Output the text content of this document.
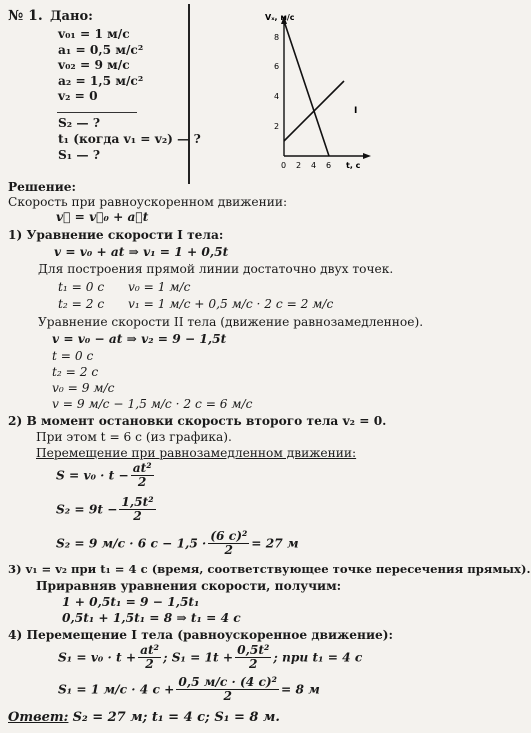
№ 1. Дано:
v₀₁ = 1 м/с
a₁ = 0,5 м/с²
v₀₂ = 9 м/с
a₂ = 1,5 м/с²
v₂ = 0
S₂ — ?
t₁ (когда v₁ = v₂) — ?
S₁ — ?
Vₓ, м/с
t, с
8
6
4
2
0 2 4 6
I
Решение:
Скорость при равноускоренном движении:
v⃗ = v⃗₀ + a⃗t
1) Уравнение скорости I тела:
v = v₀ + at ⇒ v₁ = 1 + 0,5t
Для построения прямой линии достаточно двух точек.
t₁ = 0 с v₀ = 1 м/с
t₂ = 2 с v₁ = 1 м/с + 0,5 м/с · 2 с = 2 м/с
Уравнение скорости II тела (движение равнозамедленное).
v = v₀ − at ⇒ v₂ = 9 − 1,5t
t = 0 с
t₂ = 2 с
v₀ = 9 м/с
v = 9 м/с − 1,5 м/с · 2 с = 6 м/с
2) В момент остановки скорость второго тела v₂ = 0.
При этом t = 6 с (из графика).
Перемещение при равнозамедленном движении:
$S = v_0 \cdot t - \frac{\text{at²}}{2}$
$S_2 = 9t - \frac{\text{1,5t²}}{2}$
S₂ = 9 м/с · 6 $с - 1,5 \cdot \frac{\text{(6 с)²}}{2} = 27$ м
3) v₁ = v₂ при t₁ = 4 с (время, соответствующее точке пересечения прямых).
Приравняв уравнения скорости, получим:
1 + 0,5t₁ = 9 − 1,5t₁
0,5t₁ + 1,5t₁ = 8 ⇒ t₁ = 4 с
4) Перемещение I тела (равноускоренное движение):
$S_1 = v_0 \cdot t + \frac{\text{at²}}{2}$ ; $S_1 = 1t + \frac{\text{0,5t²}}{2}$ ; при t₁ = 4 с
S₁ = 1 м/с · 4 $с + \frac{\text{0,5 м/с · (4 с)²}}{2} = 8$ м
Ответ: S₂ = 27 м; t₁ = 4 с; S₁ = 8 м.
